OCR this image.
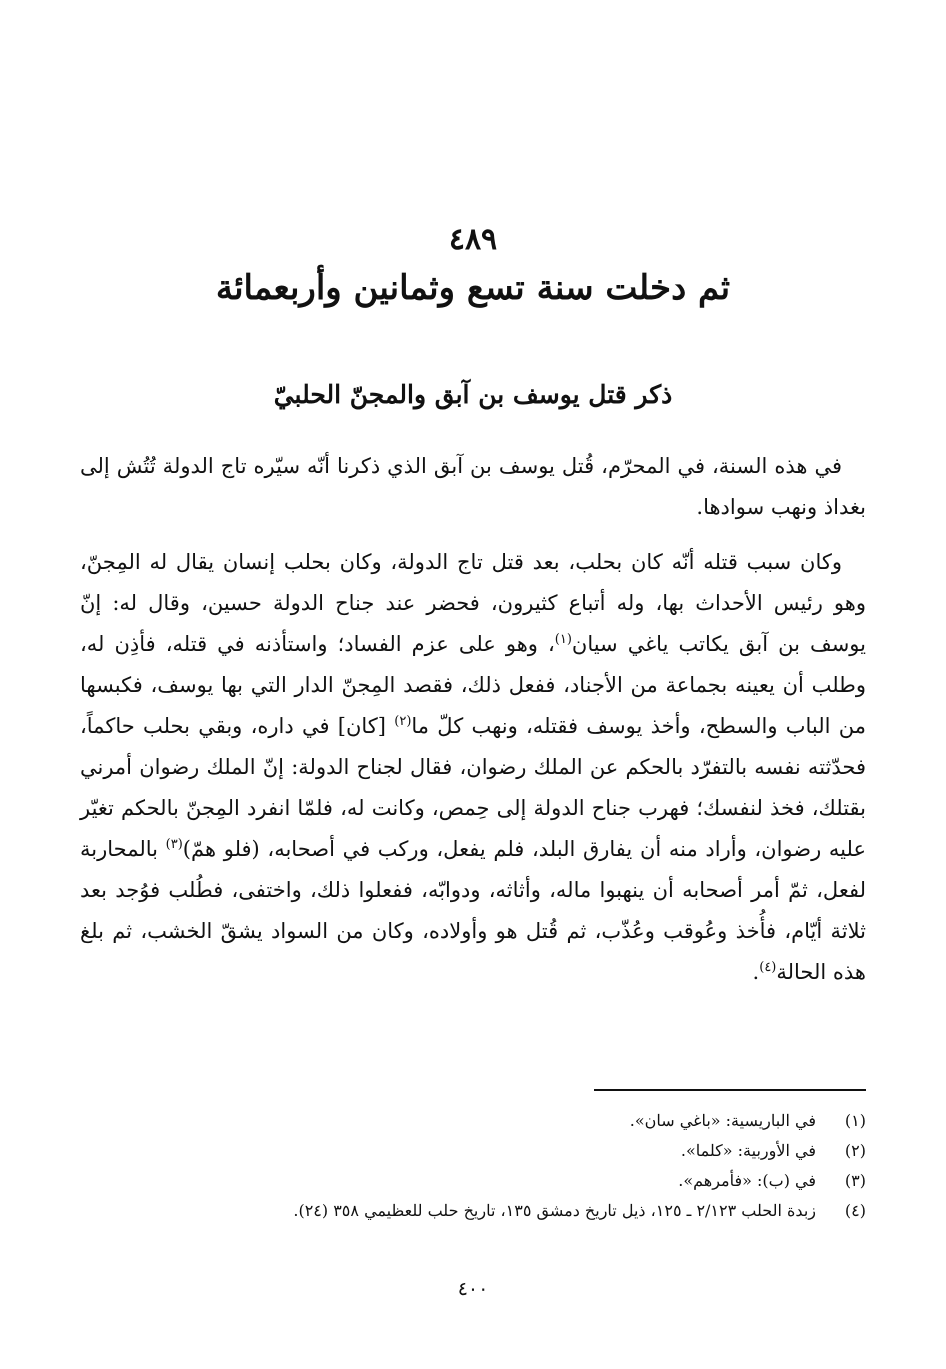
٤٨٩
ثم دخلت سنة تسع وثمانين وأربعمائة
ذكر قتل يوسف بن آبق والمجنّ الحلبيّ

في هذه السنة، في المحرّم، قُتل يوسف بن آبق الذي ذكرنا أنّه سيّره تاج الدولة تُتُش إلى بغداذ ونهب سوادها.

وكان سبب قتله أنّه كان بحلب، بعد قتل تاج الدولة، وكان بحلب إنسان يقال له المِجنّ، وهو رئيس الأحداث بها، وله أتباع كثيرون، فحضر عند جناح الدولة حسين، وقال له: إنّ يوسف بن آبق يكاتب ياغي سيان$^{(١)}$، وهو على عزم الفساد؛ واستأذنه في قتله، فأذِن له، وطلب أن يعينه بجماعة من الأجناد، ففعل ذلك، فقصد المِجنّ الدار التي بها يوسف، فكبسها من الباب والسطح، وأخذ يوسف فقتله، ونهب كلّ ما$^{(٢)}$ [كان] في داره، وبقي بحلب حاكماً، فحدّثته نفسه بالتفرّد بالحكم عن الملك رضوان، فقال لجناح الدولة: إنّ الملك رضوان أمرني بقتلك، فخذ لنفسك؛ فهرب جناح الدولة إلى حِمص، وكانت له، فلمّا انفرد المِجنّ بالحكم تغيّر عليه رضوان، وأراد منه أن يفارق البلد، فلم يفعل، وركب في أصحابه، (فلو همّ)$^{(٣)}$ بالمحاربة لفعل، ثمّ أمر أصحابه أن ينهبوا ماله، وأثاثه، ودوابّه، ففعلوا ذلك، واختفى، فطُلب فوُجد بعد ثلاثة أيّام، فأُخذ وعُوقب وعُذّب، ثم قُتل هو وأولاده، وكان من السواد يشقّ الخشب، ثم بلغ هذه الحالة$^{(٤)}$.

(١)
في الباريسية: «باغي سان».
(٢)
في الأوربية: «كلما».
(٣)
في (ب): «فأمرهم».
(٤)
زبدة الحلب ٢/١٢٣ ـ ١٢٥، ذيل تاريخ دمشق ١٣٥، تاريخ حلب للعظيمي ٣٥٨ (٢٤).
٤٠٠
